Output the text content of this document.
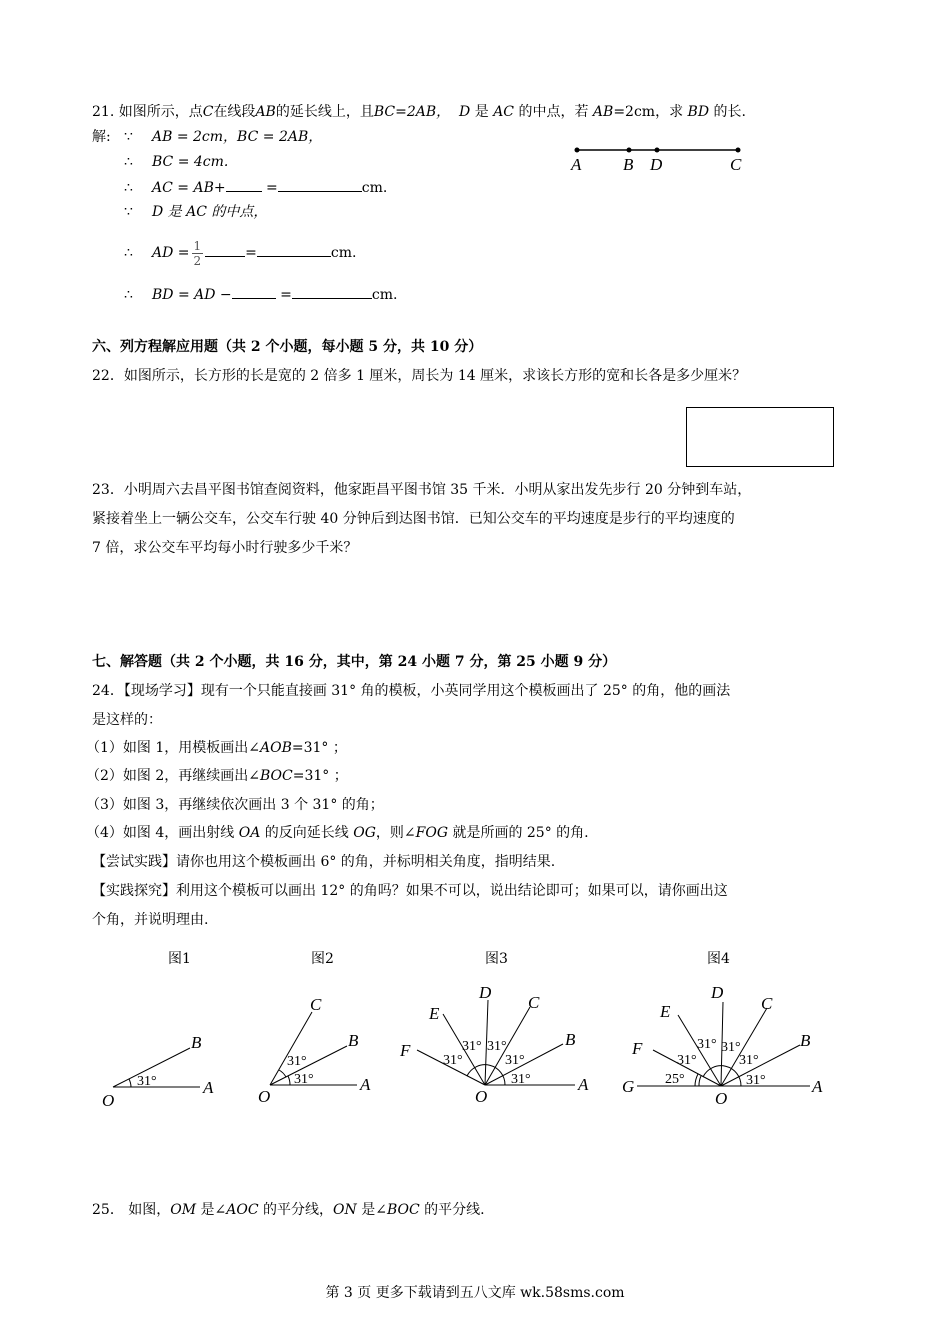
21. 如图所示，点C在线段AB的延长线上，且BC=2AB， D 是 AC 的中点，若 AB=2cm，求 BD 的长.
解: ∵ AB = 2cm，BC = 2AB，
∴ BC = 4cm.
∴ AC = AB+	=	cm.
∵ D 是 AC 的中点，
∴ AD = $\frac{1}{2}$	=	cm.
∴ BD = AD −	=	cm.
A B D	C
六、列方程解应用题（共 2 个小题，每小题 5 分，共 10 分）
22．如图所示，长方形的长是宽的 2 倍多 1 厘米，周长为 14 厘米，求该长方形的宽和长各是多少厘米？
23．小明周六去昌平图书馆查阅资料，他家距昌平图书馆 35 千米．小明从家出发先步行 20 分钟到车站，
紧接着坐上一辆公交车，公交车行驶 40 分钟后到达图书馆．已知公交车的平均速度是步行的平均速度的
7 倍，求公交车平均每小时行驶多少千米？
七、解答题（共 2 个小题，共 16 分，其中，第 24 小题 7 分，第 25 小题 9 分）
24．【现场学习】现有一个只能直接画 31° 角的模板，小英同学用这个模板画出了 25° 的角，他的画法
是这样的：
（1）如图 1，用模板画出∠AOB=31° ；
（2）如图 2，再继续画出∠BOC=31° ；
（3）如图 3，再继续依次画出 3 个 31° 的角；
（4）如图 4，画出射线 OA 的反向延长线 OG，则∠FOG 就是所画的 25° 的角.
【尝试实践】请你也用这个模板画出 6° 的角，并标明相关角度，指明结果.
【实践探究】利用这个模板可以画出 12° 的角吗？如果不可以，说出结论即可；如果可以，请你画出这
个角，并说明理由.
图1	图2	图3	图4
31°
O
A
B
31°
31°
O
A
B
C
31°
31°
31°
31°
31°
O
A
B
C
D
E
F
31°
31°
31°
31°
31°
25°
O
G	A
B
C
D
E
F
25． 如图，OM 是∠AOC 的平分线，ON 是∠BOC 的平分线.
第 3 页 更多下载请到五八文库 wk.58sms.com
